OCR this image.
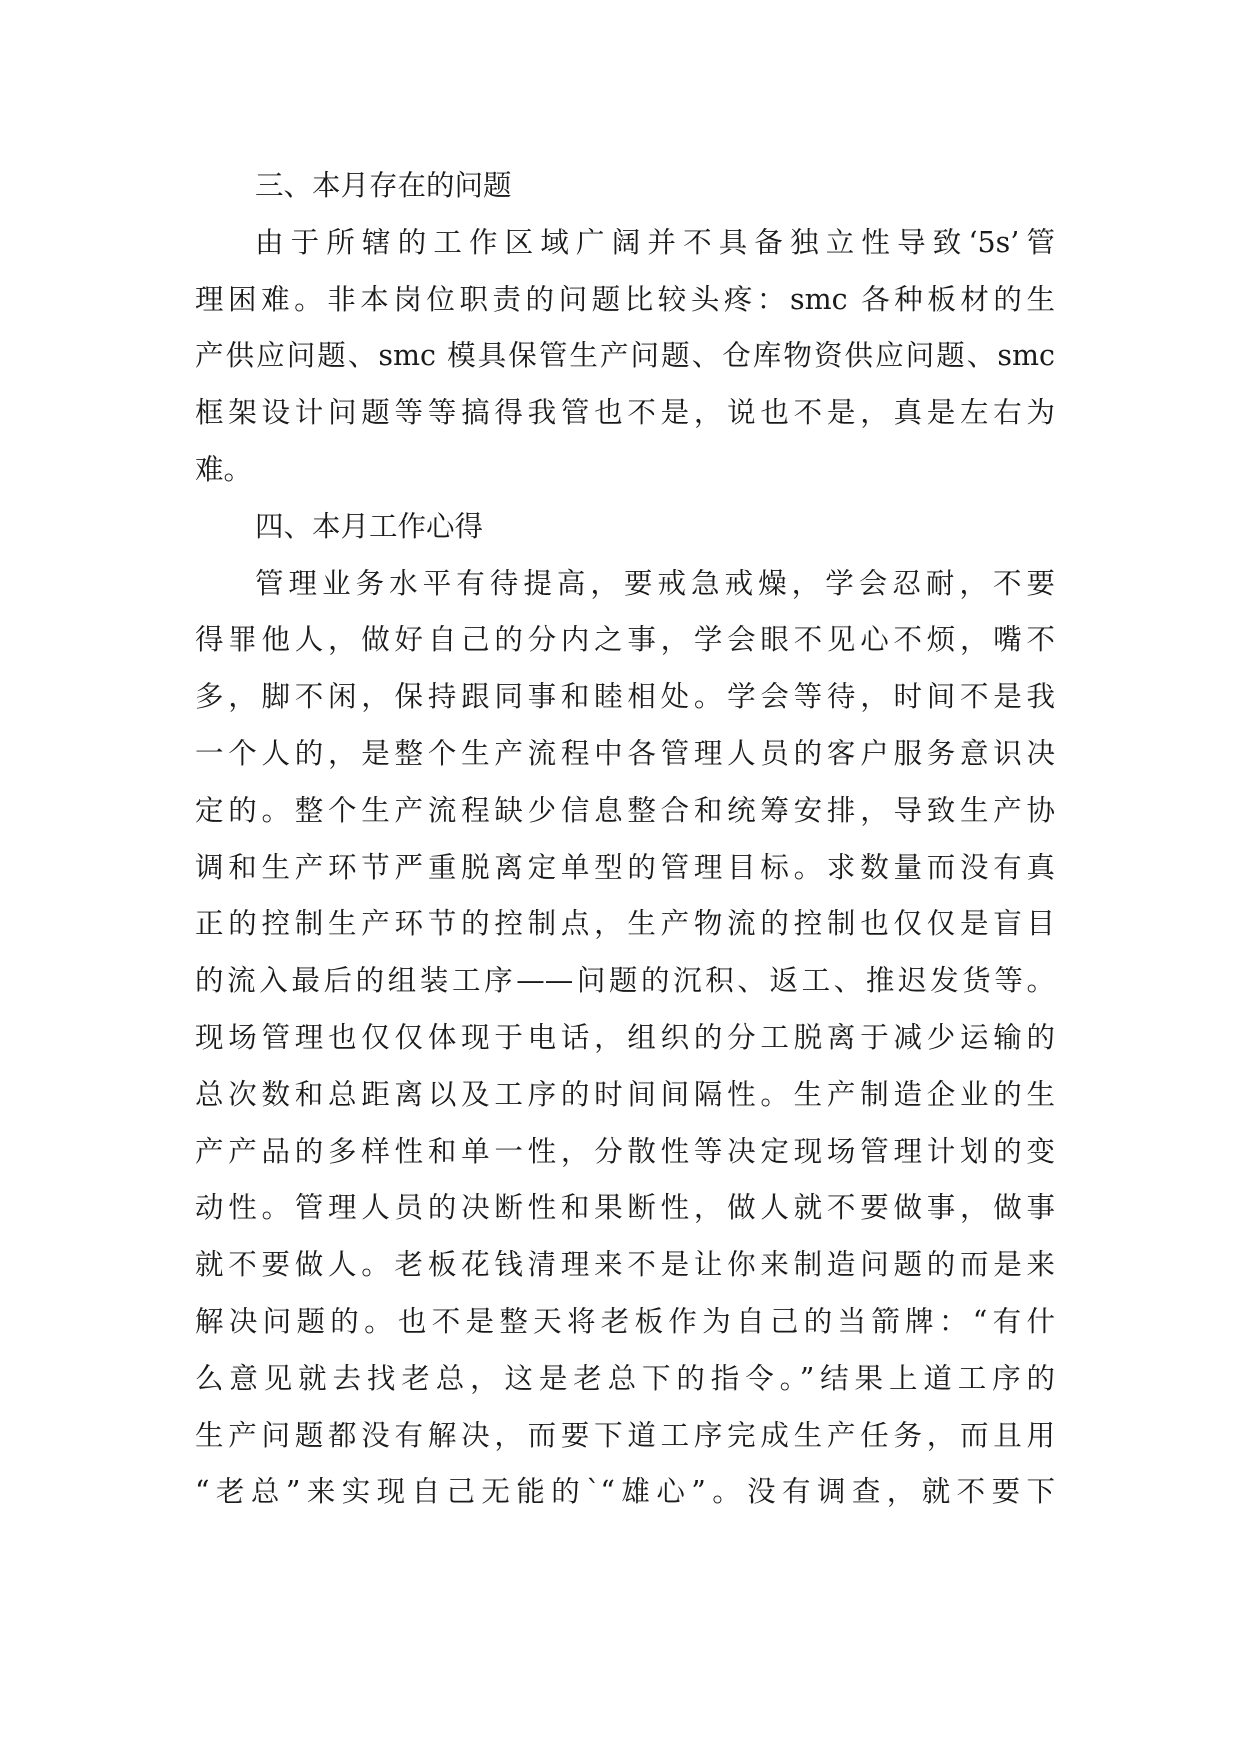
三、本月存在的问题
由于所辖的工作区域广阔并不具备独立性导致‘5s’管
理困难。非本岗位职责的问题比较头疼：smc 各种板材的生
产供应问题、smc 模具保管生产问题、仓库物资供应问题、smc
框架设计问题等等搞得我管也不是，说也不是，真是左右为
难。
四、本月工作心得
管理业务水平有待提高，要戒急戒燥，学会忍耐，不要
得罪他人，做好自己的分内之事，学会眼不见心不烦，嘴不
多，脚不闲，保持跟同事和睦相处。学会等待，时间不是我
一个人的，是整个生产流程中各管理人员的客户服务意识决
定的。整个生产流程缺少信息整合和统筹安排，导致生产协
调和生产环节严重脱离定单型的管理目标。求数量而没有真
正的控制生产环节的控制点，生产物流的控制也仅仅是盲目
的流入最后的组装工序——问题的沉积、返工、推迟发货等。
现场管理也仅仅体现于电话，组织的分工脱离于减少运输的
总次数和总距离以及工序的时间间隔性。生产制造企业的生
产产品的多样性和单一性，分散性等决定现场管理计划的变
动性。管理人员的决断性和果断性，做人就不要做事，做事
就不要做人。老板花钱清理来不是让你来制造问题的而是来
解决问题的。也不是整天将老板作为自己的当箭牌：“有什
么意见就去找老总，这是老总下的指令。”结果上道工序的
生产问题都没有解决，而要下道工序完成生产任务，而且用
“老总”来实现自己无能的`“雄心”。没有调查，就不要下
